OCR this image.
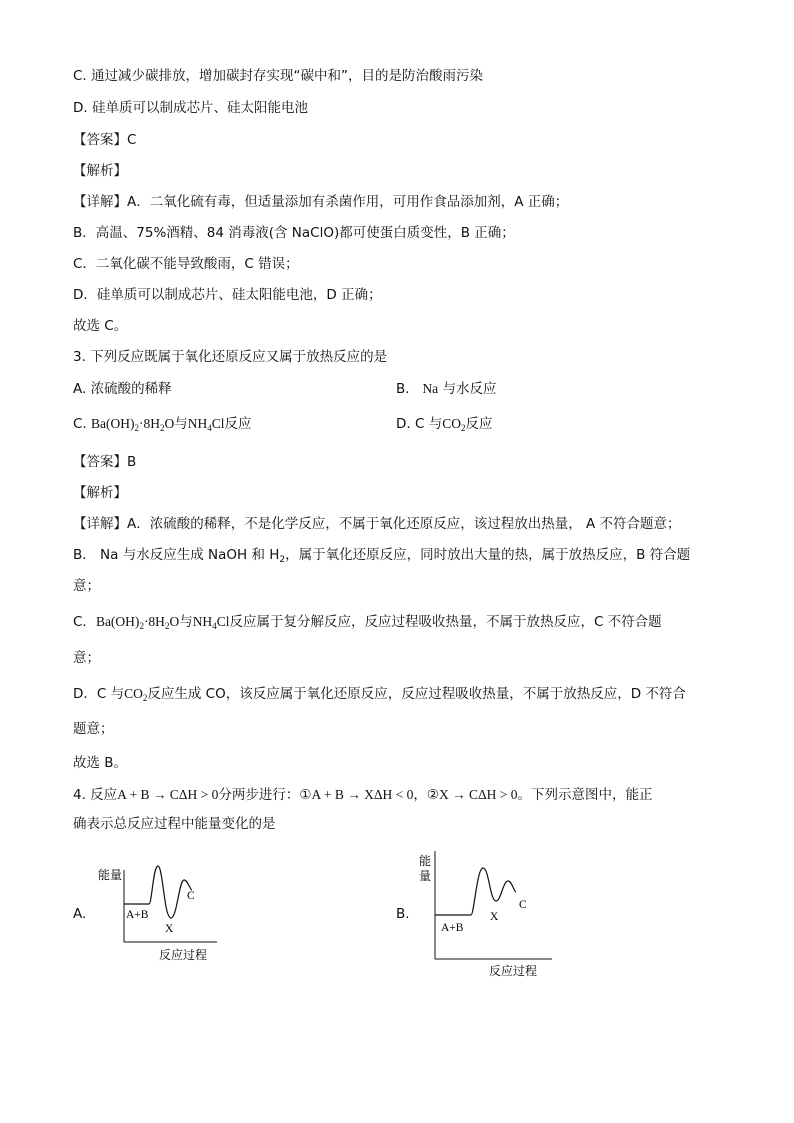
C. 通过减少碳排放，增加碳封存实现“碳中和”，目的是防治酸雨污染
D. 硅单质可以制成芯片、硅太阳能电池
【答案】C
【解析】
【详解】A．二氧化硫有毒，但适量添加有杀菌作用，可用作食品添加剂，A 正确；
B．高温、75%酒精、84 消毒液(含 NaClO)都可使蛋白质变性，B 正确；
C．二氧化碳不能导致酸雨，C 错误；
D．硅单质可以制成芯片、硅太阳能电池，D 正确；
故选 C。
3. 下列反应既属于氧化还原反应又属于放热反应的是
A. 浓硫酸的稀释	B. Na 与水反应
C. $Ba(OH)_2\cdot 8H_2O$与$NH_4Cl$反应	D. C 与$CO_2$反应
【答案】B
【解析】
【详解】A．浓硫酸的稀释，不是化学反应，不属于氧化还原反应，该过程放出热量， A 不符合题意；
B． Na 与水反应生成 NaOH 和 $H_2$，属于氧化还原反应，同时放出大量的热，属于放热反应，B 符合题
意；
C．$Ba(OH)_2\cdot 8H_2O$与$NH_4Cl$反应属于复分解反应，反应过程吸收热量，不属于放热反应，C 不符合题
意；
D．C 与$CO_2$反应生成 CO，该反应属于氧化还原反应，反应过程吸收热量，不属于放热反应，D 不符合
题意；
故选 B。
4. 反应A + B → CΔH > 0分两步进行：①A + B → XΔH < 0，②X → CΔH > 0。下列示意图中，能正
确表示总反应过程中能量变化的是
A.
能量
A+B
X
C
反应过程
B.
能
量
A+B
X
C
反应过程
